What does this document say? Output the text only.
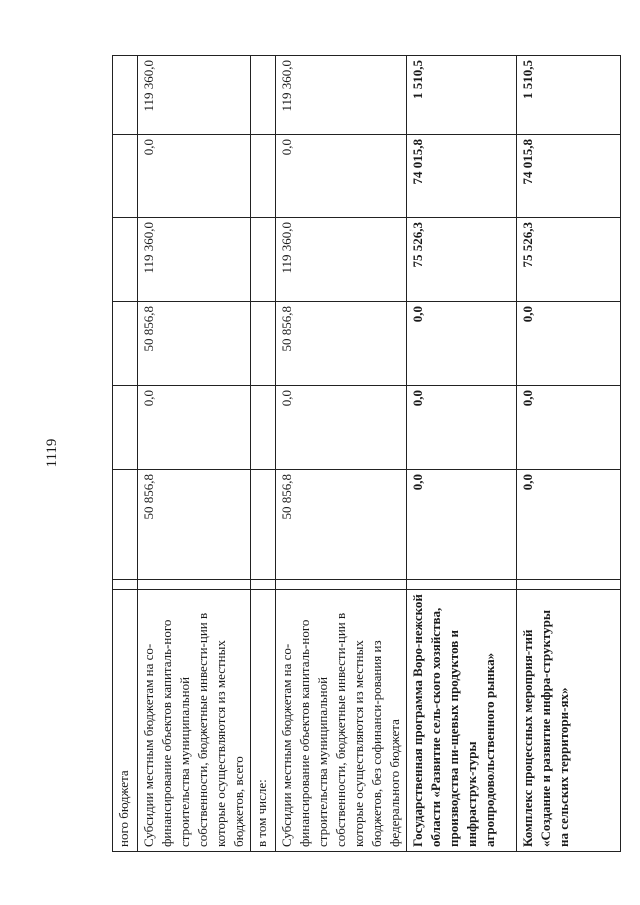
1119
ного бюджета							
Субсидии местным бюджетам на со-финансирование объектов капиталь-ного строительства муниципальной собственности, бюджетные инвести-ции в которые осуществляются из местных бюджетов, всего		50 856,8	0,0	50 856,8	119 360,0	0,0	119 360,0
в том числе:							
Субсидии местным бюджетам на со-финансирование объектов капиталь-ного строительства муниципальной собственности, бюджетные инвести-ции в которые осуществляются из местных бюджетов, без софинанси-рования из федерального бюджета		50 856,8	0,0	50 856,8	119 360,0	0,0	119 360,0
Государственная программа Воро-нежской области «Развитие сель-ского хозяйства, производства пи-щевых продуктов и инфраструк-туры агропродовольственного рынка»		0,0	0,0	0,0	75 526,3	74 015,8	1 510,5
Комплекс процессных мероприя-тий «Создание и развитие инфра-структуры на сельских территори-ях»		0,0	0,0	0,0	75 526,3	74 015,8	1 510,5
